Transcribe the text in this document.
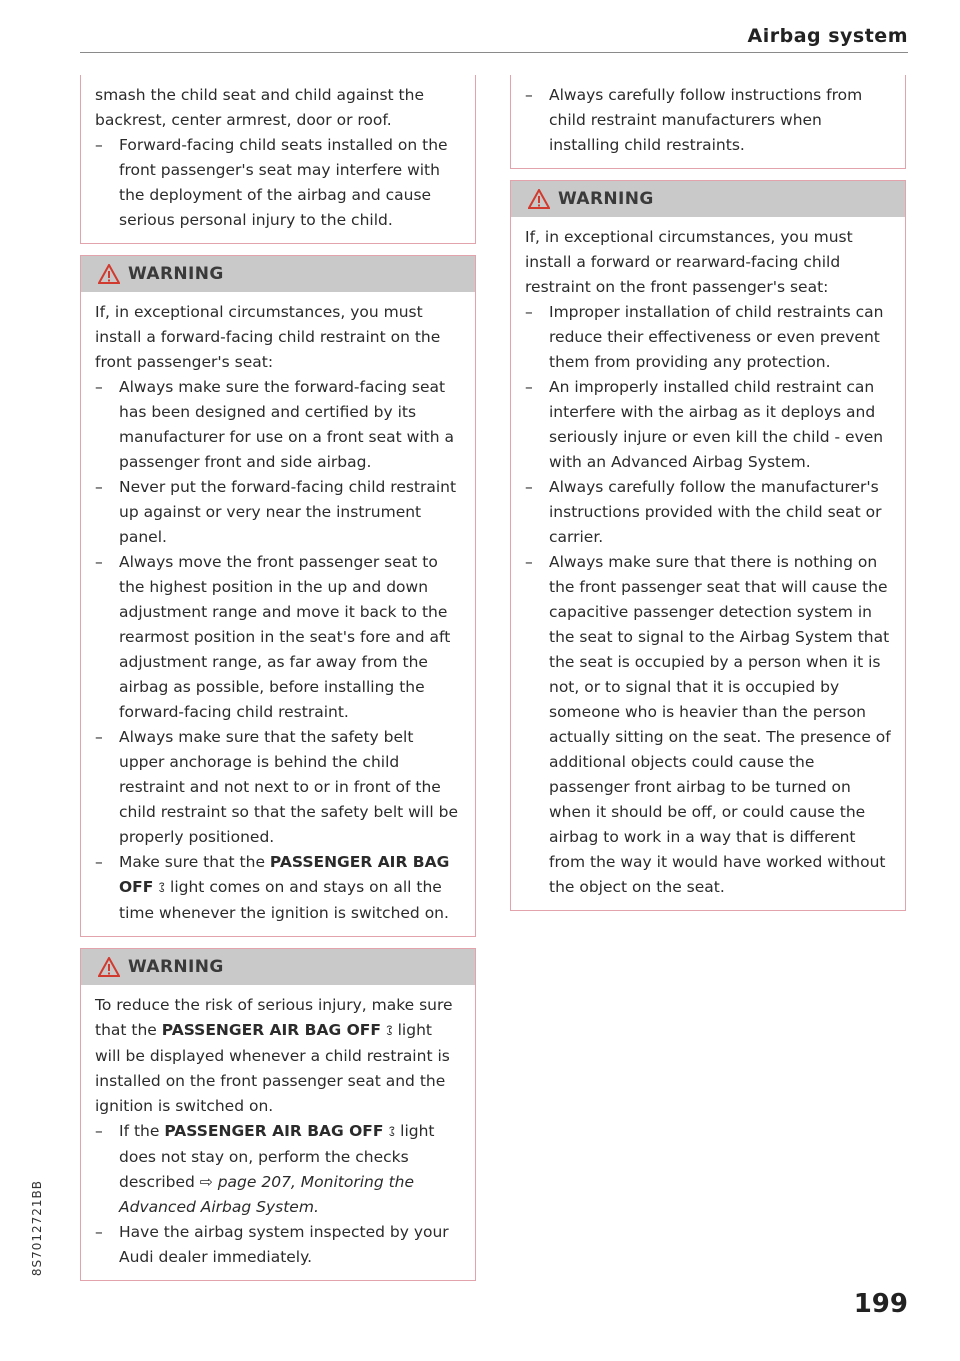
Airbag system

smash the child seat and child against the backrest, center armrest, door or roof.

– Forward-facing child seats installed on the front passenger's seat may interfere with the deployment of the airbag and cause serious personal injury to the child.

WARNING

If, in exceptional circumstances, you must install a forward-facing child restraint on the front passenger's seat:

– Always make sure the forward-facing seat has been designed and certified by its manufacturer for use on a front seat with a passenger front and side airbag.

– Never put the forward-facing child restraint up against or very near the instrument panel.

– Always move the front passenger seat to the highest position in the up and down adjustment range and move it back to the rearmost position in the seat's fore and aft adjustment range, as far away from the airbag as possible, before installing the forward-facing child restraint.

– Always make sure that the safety belt upper anchorage is behind the child restraint and not next to or in front of the child restraint so that the safety belt will be properly positioned.

– Make sure that the PASSENGER AIR BAG OFF ꕘ light comes on and stays on all the time whenever the ignition is switched on.

WARNING

To reduce the risk of serious injury, make sure that the PASSENGER AIR BAG OFF ꕘ light will be displayed whenever a child restraint is installed on the front passenger seat and the ignition is switched on.

– If the PASSENGER AIR BAG OFF ꕘ light does not stay on, perform the checks described ⇨ page 207, Monitoring the Advanced Airbag System.

– Have the airbag system inspected by your Audi dealer immediately.

– Always carefully follow instructions from child restraint manufacturers when installing child restraints.

WARNING

If, in exceptional circumstances, you must install a forward or rearward-facing child restraint on the front passenger's seat:

– Improper installation of child restraints can reduce their effectiveness or even prevent them from providing any protection.

– An improperly installed child restraint can interfere with the airbag as it deploys and seriously injure or even kill the child - even with an Advanced Airbag System.

– Always carefully follow the manufacturer's instructions provided with the child seat or carrier.

– Always make sure that there is nothing on the front passenger seat that will cause the capacitive passenger detection system in the seat to signal to the Airbag System that the seat is occupied by a person when it is not, or to signal that it is occupied by someone who is heavier than the person actually sitting on the seat. The presence of additional objects could cause the passenger front airbag to be turned on when it should be off, or could cause the airbag to work in a way that is different from the way it would have worked without the object on the seat.

8S7012721BB
199
